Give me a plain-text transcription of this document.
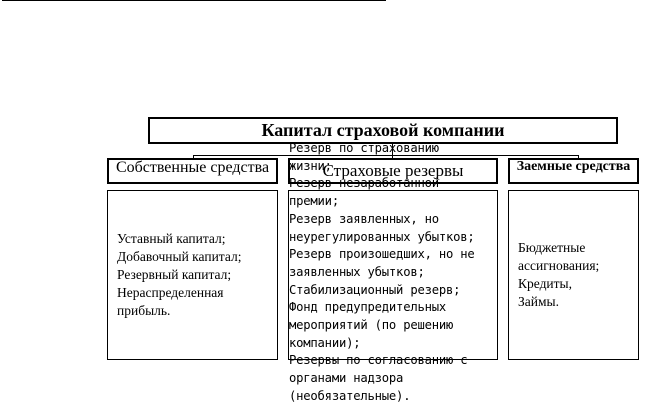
Капитал страховой компании
Собственные средства	Страховые резервы	Заемные средства
Уставный капитал;
Добавочный капитал;
Резервный капитал;
Нераспределенная
прибыль.
Бюджетные
ассигнования;
Кредиты,
Займы.
Резерв по страхованию
жизни;
Резерв незаработанной
премии;
Резерв заявленных, но
неурегулированных убытков;
Резерв произошедших, но не
заявленных убытков;
Стабилизационный резерв;
Фонд предупредительных
мероприятий (по решению
компании);
Резервы по согласованию с
органами надзора
(необязательные).
